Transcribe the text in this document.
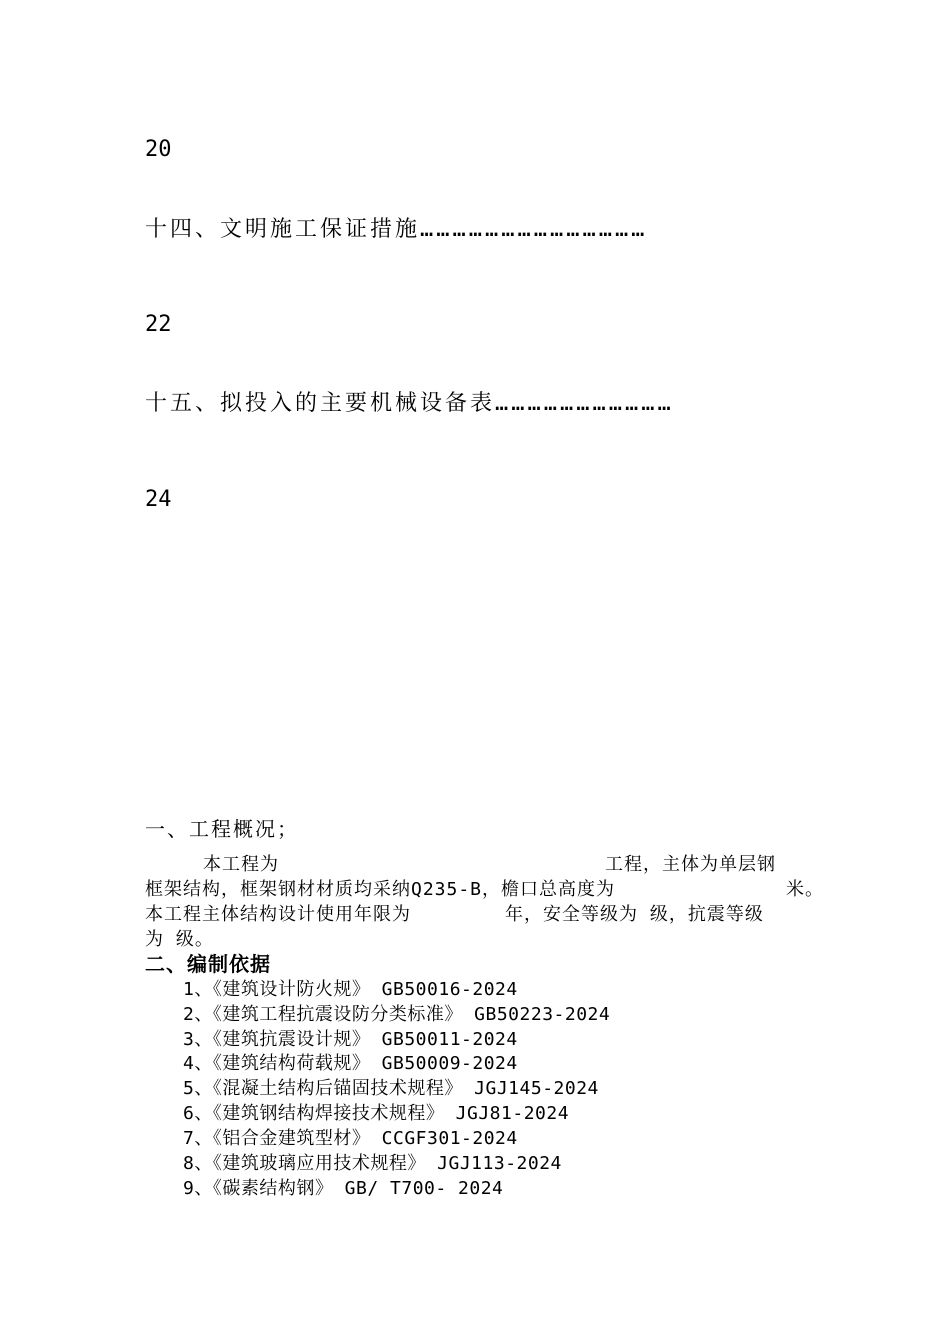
20
十四、文明施工保证措施……………………………………
22
十五、拟投入的主要机械设备表……………………………
24
一、工程概况；
本工程为	工程，主体为单层钢
框架结构，框架钢材材质均采纳Q235-B，檐口总高度为	米。
本工程主体结构设计使用年限为	年，安全等级为 级，抗震等级
为 级。
二、编制依据
1、《建筑设计防火规》 GB50016-2024
2、《建筑工程抗震设防分类标准》 GB50223-2024
3、《建筑抗震设计规》 GB50011-2024
4、《建筑结构荷载规》 GB50009-2024
5、《混凝土结构后锚固技术规程》 JGJ145-2024
6、《建筑钢结构焊接技术规程》 JGJ81-2024
7、《铝合金建筑型材》 CCGF301-2024
8、《建筑玻璃应用技术规程》 JGJ113-2024
9、《碳素结构钢》 GB/ T700- 2024
